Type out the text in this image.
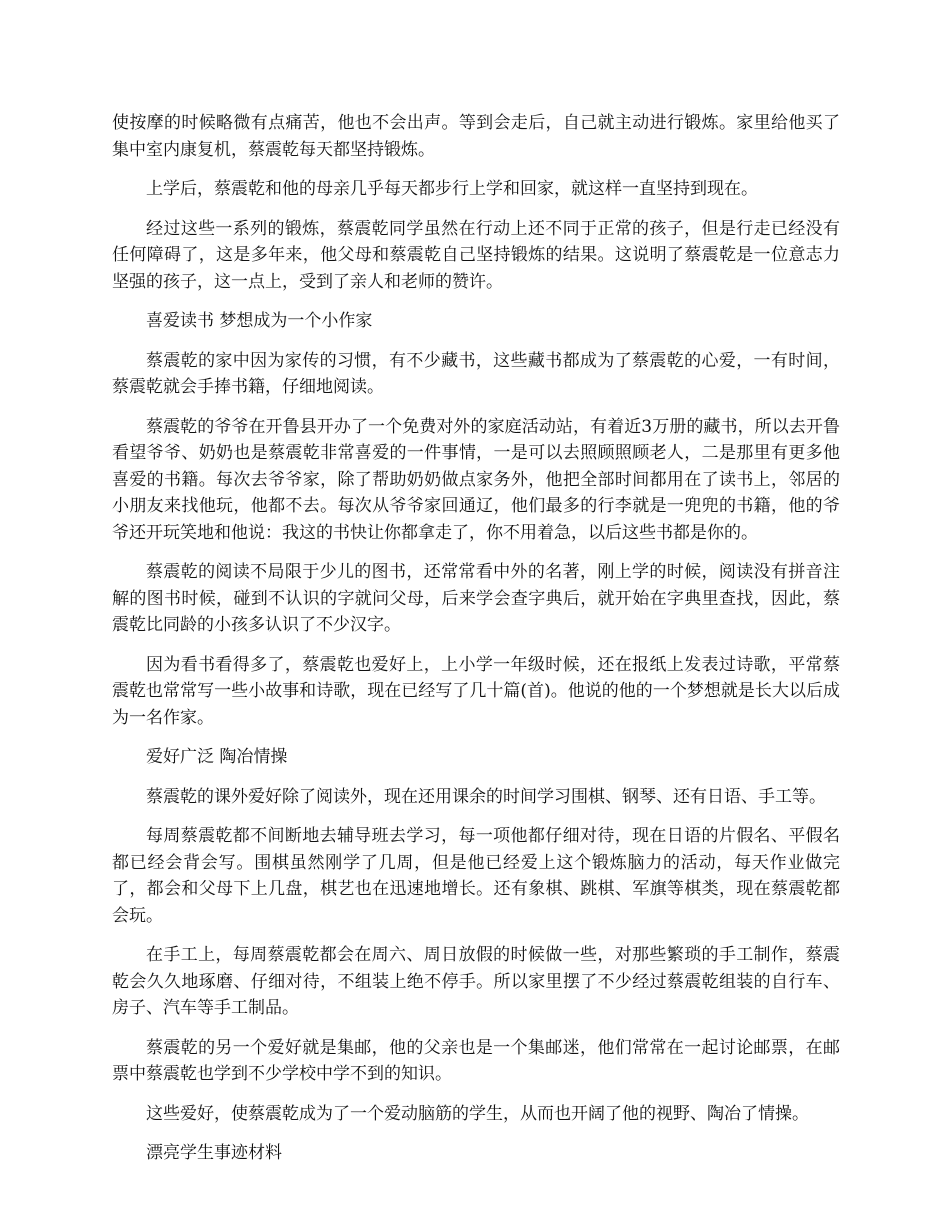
使按摩的时候略微有点痛苦，他也不会出声。等到会走后，自己就主动进行锻炼。家里给他买了集中室内康复机，蔡震乾每天都坚持锻炼。

上学后，蔡震乾和他的母亲几乎每天都步行上学和回家，就这样一直坚持到现在。

经过这些一系列的锻炼，蔡震乾同学虽然在行动上还不同于正常的孩子，但是行走已经没有任何障碍了，这是多年来，他父母和蔡震乾自己坚持锻炼的结果。这说明了蔡震乾是一位意志力坚强的孩子，这一点上，受到了亲人和老师的赞许。

喜爱读书 梦想成为一个小作家

蔡震乾的家中因为家传的习惯，有不少藏书，这些藏书都成为了蔡震乾的心爱，一有时间，蔡震乾就会手捧书籍，仔细地阅读。

蔡震乾的爷爷在开鲁县开办了一个免费对外的家庭活动站，有着近3万册的藏书，所以去开鲁看望爷爷、奶奶也是蔡震乾非常喜爱的一件事情，一是可以去照顾照顾老人，二是那里有更多他喜爱的书籍。每次去爷爷家，除了帮助奶奶做点家务外，他把全部时间都用在了读书上，邻居的小朋友来找他玩，他都不去。每次从爷爷家回通辽，他们最多的行李就是一兜兜的书籍，他的爷爷还开玩笑地和他说：我这的书快让你都拿走了，你不用着急，以后这些书都是你的。

蔡震乾的阅读不局限于少儿的图书，还常常看中外的名著，刚上学的时候，阅读没有拼音注解的图书时候，碰到不认识的字就问父母，后来学会查字典后，就开始在字典里查找，因此，蔡震乾比同龄的小孩多认识了不少汉字。

因为看书看得多了，蔡震乾也爱好上，上小学一年级时候，还在报纸上发表过诗歌，平常蔡震乾也常常写一些小故事和诗歌，现在已经写了几十篇(首)。他说的他的一个梦想就是长大以后成为一名作家。

爱好广泛 陶冶情操

蔡震乾的课外爱好除了阅读外，现在还用课余的时间学习围棋、钢琴、还有日语、手工等。

每周蔡震乾都不间断地去辅导班去学习，每一项他都仔细对待，现在日语的片假名、平假名都已经会背会写。围棋虽然刚学了几周，但是他已经爱上这个锻炼脑力的活动，每天作业做完了，都会和父母下上几盘，棋艺也在迅速地增长。还有象棋、跳棋、军旗等棋类，现在蔡震乾都会玩。

在手工上，每周蔡震乾都会在周六、周日放假的时候做一些，对那些繁琐的手工制作，蔡震乾会久久地琢磨、仔细对待，不组装上绝不停手。所以家里摆了不少经过蔡震乾组装的自行车、房子、汽车等手工制品。

蔡震乾的另一个爱好就是集邮，他的父亲也是一个集邮迷，他们常常在一起讨论邮票，在邮票中蔡震乾也学到不少学校中学不到的知识。

这些爱好，使蔡震乾成为了一个爱动脑筋的学生，从而也开阔了他的视野、陶冶了情操。

漂亮学生事迹材料
